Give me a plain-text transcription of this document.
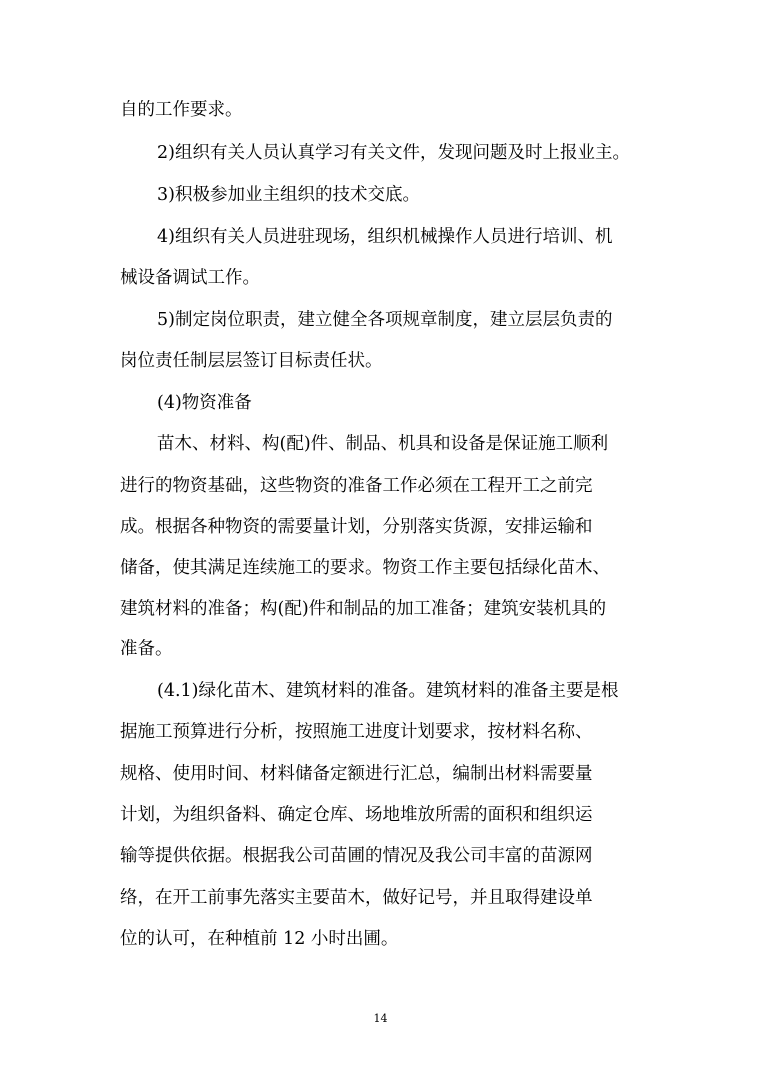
自的工作要求。

2)组织有关人员认真学习有关文件，发现问题及时上报业主。

3)积极参加业主组织的技术交底。

4)组织有关人员进驻现场，组织机械操作人员进行培训、机

械设备调试工作。

5)制定岗位职责，建立健全各项规章制度，建立层层负责的

岗位责任制层层签订目标责任状。

(4)物资准备

苗木、材料、构(配)件、制品、机具和设备是保证施工顺利

进行的物资基础，这些物资的准备工作必须在工程开工之前完

成。根据各种物资的需要量计划，分别落实货源，安排运输和

储备，使其满足连续施工的要求。物资工作主要包括绿化苗木、

建筑材料的准备；构(配)件和制品的加工准备；建筑安装机具的

准备。

(4.1)绿化苗木、建筑材料的准备。建筑材料的准备主要是根

据施工预算进行分析，按照施工进度计划要求，按材料名称、

规格、使用时间、材料储备定额进行汇总，编制出材料需要量

计划，为组织备料、确定仓库、场地堆放所需的面积和组织运

输等提供依据。根据我公司苗圃的情况及我公司丰富的苗源网

络，在开工前事先落实主要苗木，做好记号，并且取得建设单

位的认可，在种植前 12 小时出圃。

14
